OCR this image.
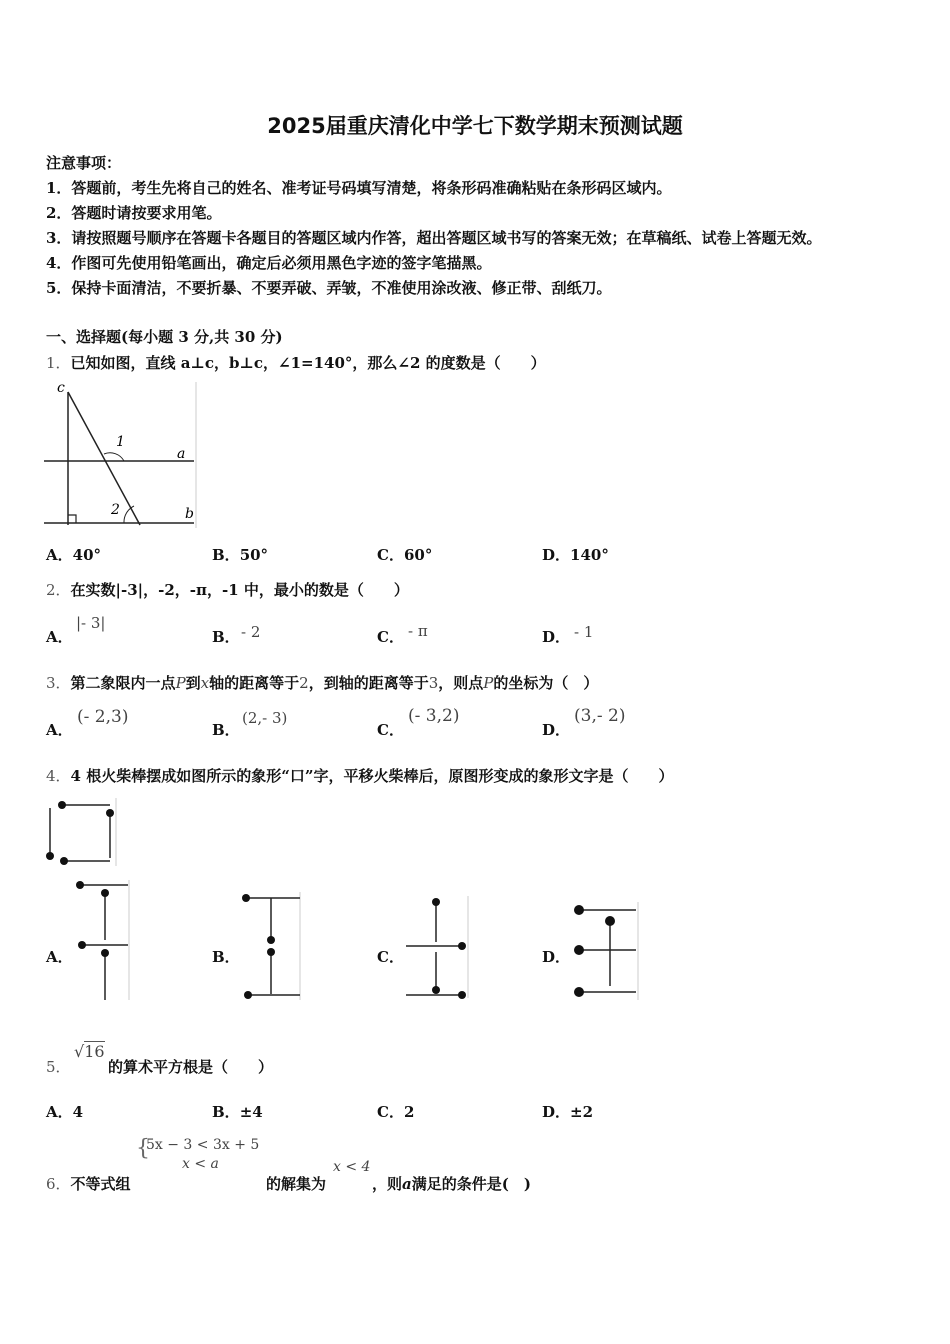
2025届重庆清化中学七下数学期末预测试题
注意事项：
1．答题前，考生先将自己的姓名、准考证号码填写清楚，将条形码准确粘贴在条形码区域内。
2．答题时请按要求用笔。
3．请按照题号顺序在答题卡各题目的答题区域内作答，超出答题区域书写的答案无效；在草稿纸、试卷上答题无效。
4．作图可先使用铅笔画出，确定后必须用黑色字迹的签字笔描黑。
5．保持卡面清洁，不要折暴、不要弄破、弄皱，不准使用涂改液、修正带、刮纸刀。
一、选择题(每小题 3 分,共 30 分)
1．已知如图，直线 a⊥c，b⊥c，∠1=140°，那么∠2 的度数是（　　）
c
1
a
2	b
A．40°	B．50°	C．60°	D．140°
2．在实数|-3|，-2，-π，-1 中，最小的数是（　　）
A．
|- 3|
B． - 2	C． - π	D． - 1
3．第二象限内一点P到x轴的距离等于2，到轴的距离等于3，则点P的坐标为（　）
A．
(- 2,3)
B．
(2,- 3)
C．
(- 3,2)
D．
(3,- 2)
4．4 根火柴棒摆成如图所示的象形“口”字，平移火柴棒后，原图形变成的象形文字是（　　）
A．	B．	C．	D．
5．
√16
的算术平方根是（　　）
A．4	B．±4	C．2	D．±2
6．不等式组
{
5x − 3 < 3x + 5
x < a
的解集为
x < 4
，则a满足的条件是(　)
